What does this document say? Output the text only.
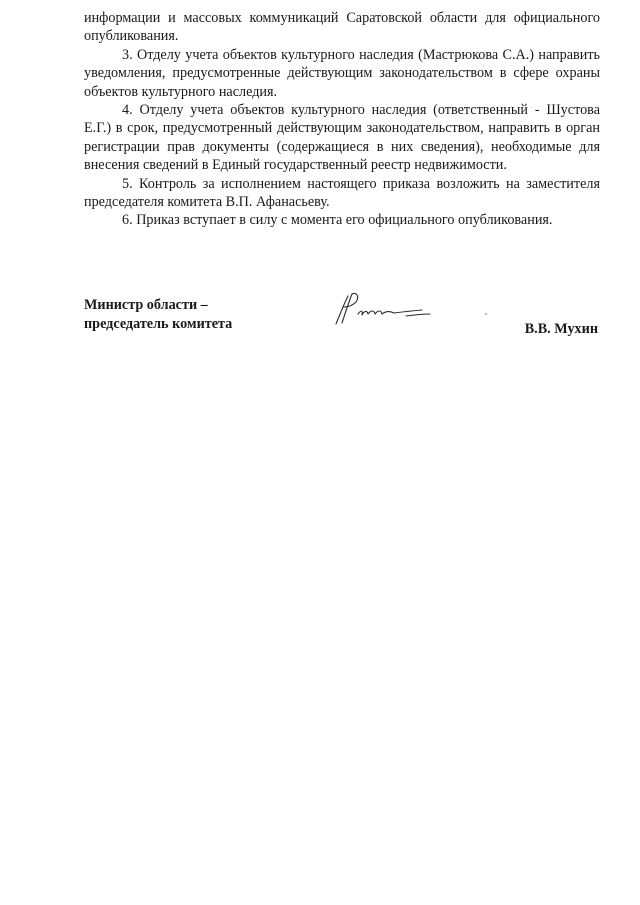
информации и массовых коммуникаций Саратовской области для официального опубликования.

3. Отделу учета объектов культурного наследия (Мастрюкова С.А.) направить уведомления, предусмотренные действующим законодательством в сфере охраны объектов культурного наследия.

4. Отделу учета объектов культурного наследия (ответственный - Шустова Е.Г.) в срок, предусмотренный действующим законодательством, направить в орган регистрации прав документы (содержащиеся в них сведения), необходимые для внесения сведений в Единый государственный реестр недвижимости.

5. Контроль за исполнением настоящего приказа возложить на заместителя председателя комитета В.П. Афанасьеву.

6. Приказ вступает в силу с момента его официального опубликования.

Министр области –
председатель комитета	В.В. Мухин
